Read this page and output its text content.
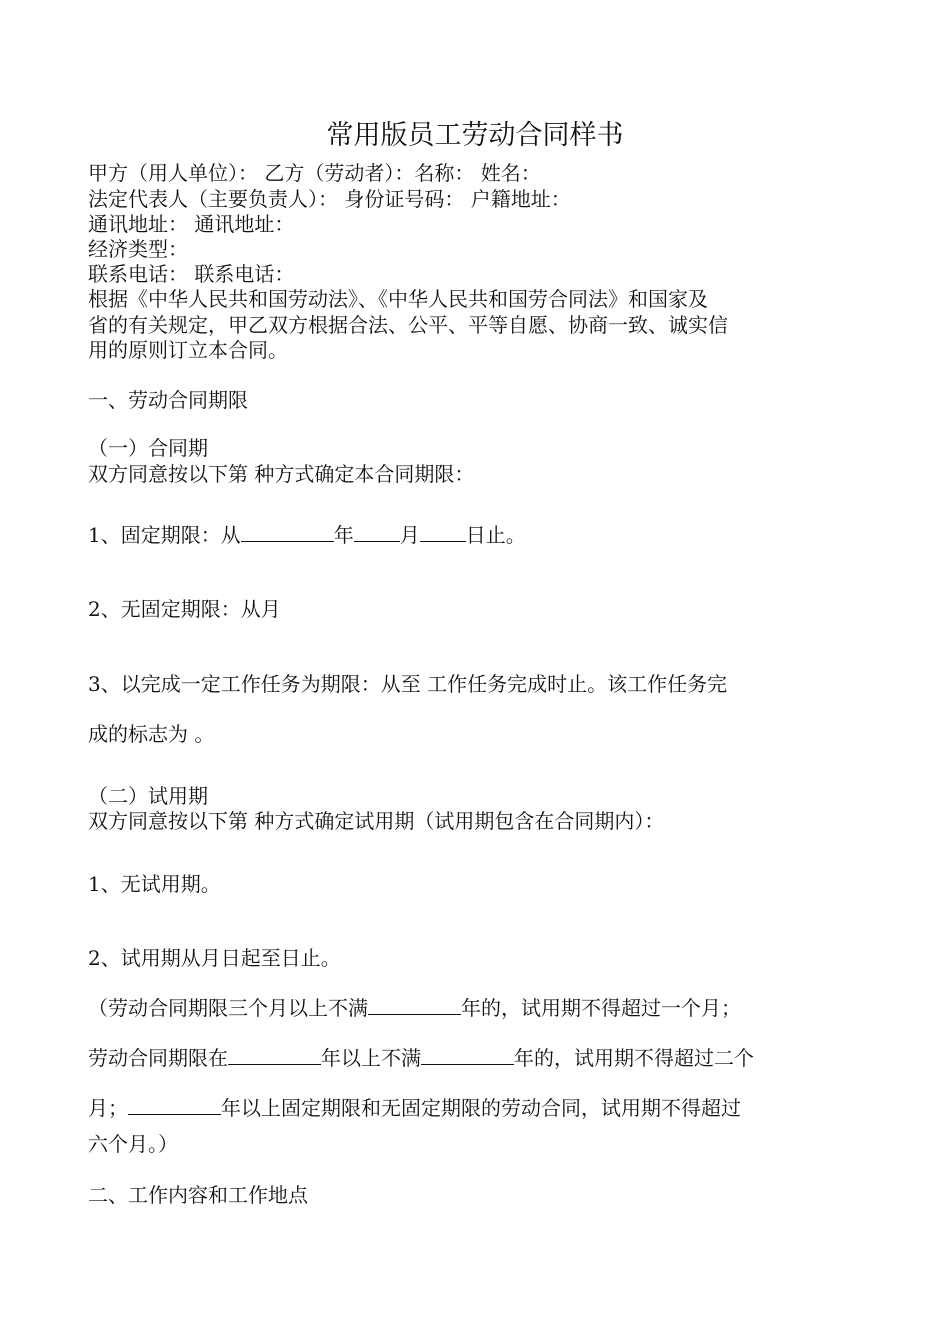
常用版员工劳动合同样书
甲方（用人单位）： 乙方（劳动者）：名称： 姓名：
法定代表人（主要负责人）： 身份证号码： 户籍地址：
通讯地址： 通讯地址：
经济类型：
联系电话： 联系电话：
根据《中华人民共和国劳动法》、《中华人民共和国劳合同法》和国家及
省的有关规定，甲乙双方根据合法、公平、平等自愿、协商一致、诚实信
用的原则订立本合同。
一、劳动合同期限
（一）合同期
双方同意按以下第 种方式确定本合同期限：
1、固定期限：从	年 月 日止。
2、无固定期限：从月
3、以完成一定工作任务为期限：从至 工作任务完成时止。该工作任务完
成的标志为 。
（二）试用期
双方同意按以下第 种方式确定试用期（试用期包含在合同期内）：
1、无试用期。
2、试用期从月日起至日止。
（劳动合同期限三个月以上不满	年的，试用期不得超过一个月；
劳动合同期限在	年以上不满	年的，试用期不得超过二个
月；	年以上固定期限和无固定期限的劳动合同，试用期不得超过
六个月。）
二、工作内容和工作地点
